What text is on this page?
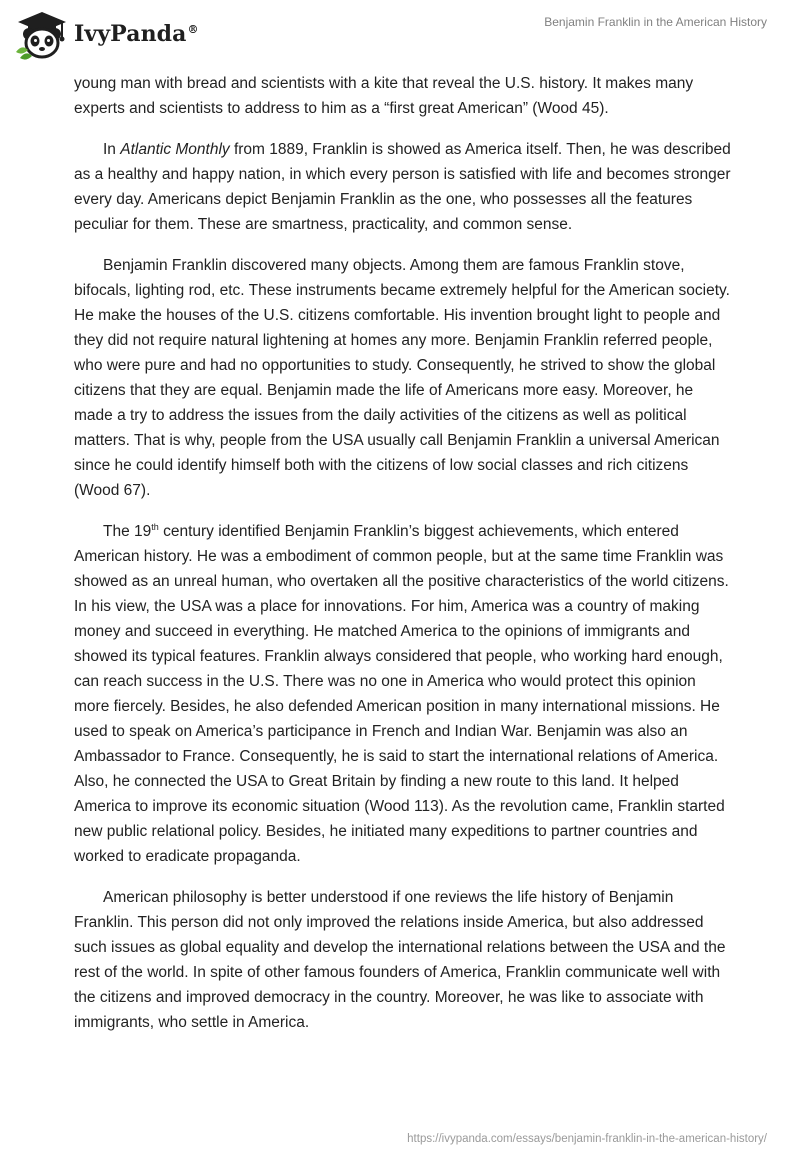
IvyPanda®
Benjamin Franklin in the American History

young man with bread and scientists with a kite that reveal the U.S. history. It makes many experts and scientists to address to him as a “first great American” (Wood 45).

In Atlantic Monthly from 1889, Franklin is showed as America itself. Then, he was described as a healthy and happy nation, in which every person is satisfied with life and becomes stronger every day. Americans depict Benjamin Franklin as the one, who possesses all the features peculiar for them. These are smartness, practicality, and common sense.

Benjamin Franklin discovered many objects. Among them are famous Franklin stove, bifocals, lighting rod, etc. These instruments became extremely helpful for the American society. He make the houses of the U.S. citizens comfortable. His invention brought light to people and they did not require natural lightening at homes any more. Benjamin Franklin referred people, who were pure and had no opportunities to study. Consequently, he strived to show the global citizens that they are equal. Benjamin made the life of Americans more easy. Moreover, he made a try to address the issues from the daily activities of the citizens as well as political matters. That is why, people from the USA usually call Benjamin Franklin a universal American since he could identify himself both with the citizens of low social classes and rich citizens (Wood 67).

The 19th century identified Benjamin Franklin’s biggest achievements, which entered American history. He was a embodiment of common people, but at the same time Franklin was showed as an unreal human, who overtaken all the positive characteristics of the world citizens. In his view, the USA was a place for innovations. For him, America was a country of making money and succeed in everything. He matched America to the opinions of immigrants and showed its typical features. Franklin always considered that people, who working hard enough, can reach success in the U.S. There was no one in America who would protect this opinion more fiercely. Besides, he also defended American position in many international missions. He used to speak on America’s participance in French and Indian War. Benjamin was also an Ambassador to France. Consequently, he is said to start the international relations of America. Also, he connected the USA to Great Britain by finding a new route to this land. It helped America to improve its economic situation (Wood 113). As the revolution came, Franklin started new public relational policy. Besides, he initiated many expeditions to partner countries and worked to eradicate propaganda.

American philosophy is better understood if one reviews the life history of Benjamin Franklin. This person did not only improved the relations inside America, but also addressed such issues as global equality and develop the international relations between the USA and the rest of the world. In spite of other famous founders of America, Franklin communicate well with the citizens and improved democracy in the country. Moreover, he was like to associate with immigrants, who settle in America.

https://ivypanda.com/essays/benjamin-franklin-in-the-american-history/
